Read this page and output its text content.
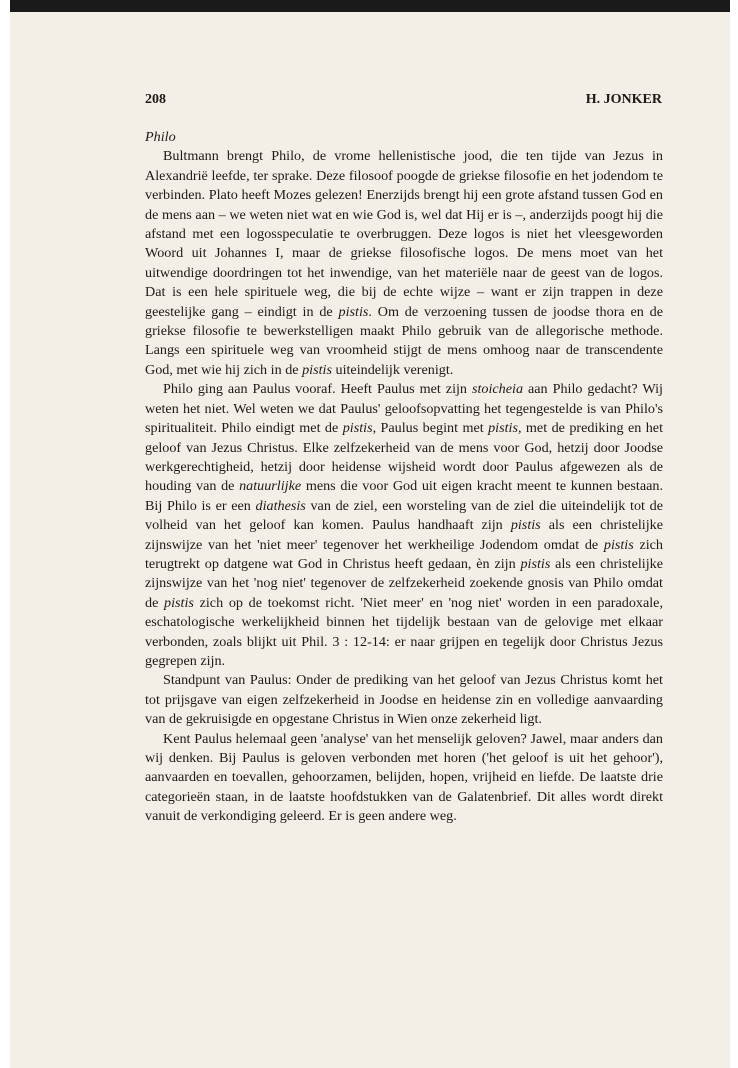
208	H. JONKER

Philo

Bultmann brengt Philo, de vrome hellenistische jood, die ten tijde van Jezus in Alexandrië leefde, ter sprake. Deze filosoof poogde de griekse filosofie en het jodendom te verbinden. Plato heeft Mozes gelezen! Enerzijds brengt hij een grote afstand tussen God en de mens aan – we weten niet wat en wie God is, wel dat Hij er is –, anderzijds poogt hij die afstand met een logosspeculatie te overbruggen. Deze logos is niet het vleesgeworden Woord uit Johannes I, maar de griekse filosofische logos. De mens moet van het uitwendige doordringen tot het inwendige, van het materiële naar de geest van de logos. Dat is een hele spirituele weg, die bij de echte wijze – want er zijn trappen in deze geestelijke gang – eindigt in de pistis. Om de verzoening tussen de joodse thora en de griekse filosofie te bewerkstelligen maakt Philo gebruik van de allegorische methode. Langs een spirituele weg van vroomheid stijgt de mens omhoog naar de transcendente God, met wie hij zich in de pistis uiteindelijk verenigt.

Philo ging aan Paulus vooraf. Heeft Paulus met zijn stoicheia aan Philo gedacht? Wij weten het niet. Wel weten we dat Paulus' geloofsopvatting het tegengestelde is van Philo's spiritualiteit. Philo eindigt met de pistis, Paulus begint met pistis, met de prediking en het geloof van Jezus Christus. Elke zelfzekerheid van de mens voor God, hetzij door Joodse werkgerechtigheid, hetzij door heidense wijsheid wordt door Paulus afgewezen als de houding van de natuurlijke mens die voor God uit eigen kracht meent te kunnen bestaan. Bij Philo is er een diathesis van de ziel, een worsteling van de ziel die uiteindelijk tot de volheid van het geloof kan komen. Paulus handhaaft zijn pistis als een christelijke zijnswijze van het 'niet meer' tegenover het werkheilige Jodendom omdat de pistis zich terugtrekt op datgene wat God in Christus heeft gedaan, èn zijn pistis als een christelijke zijnswijze van het 'nog niet' tegenover de zelfzekerheid zoekende gnosis van Philo omdat de pistis zich op de toekomst richt. 'Niet meer' en 'nog niet' worden in een paradoxale, eschatologische werkelijkheid binnen het tijdelijk bestaan van de gelovige met elkaar verbonden, zoals blijkt uit Phil. 3 : 12-14: er naar grijpen en tegelijk door Christus Jezus gegrepen zijn.

Standpunt van Paulus: Onder de prediking van het geloof van Jezus Christus komt het tot prijsgave van eigen zelfzekerheid in Joodse en heidense zin en volledige aanvaarding van de gekruisigde en opgestane Christus in Wien onze zekerheid ligt.

Kent Paulus helemaal geen 'analyse' van het menselijk geloven? Jawel, maar anders dan wij denken. Bij Paulus is geloven verbonden met horen ('het geloof is uit het gehoor'), aanvaarden en toevallen, gehoorzamen, belijden, hopen, vrijheid en liefde. De laatste drie categorieën staan, in de laatste hoofdstukken van de Galatenbrief. Dit alles wordt direkt vanuit de verkondiging geleerd. Er is geen andere weg.
